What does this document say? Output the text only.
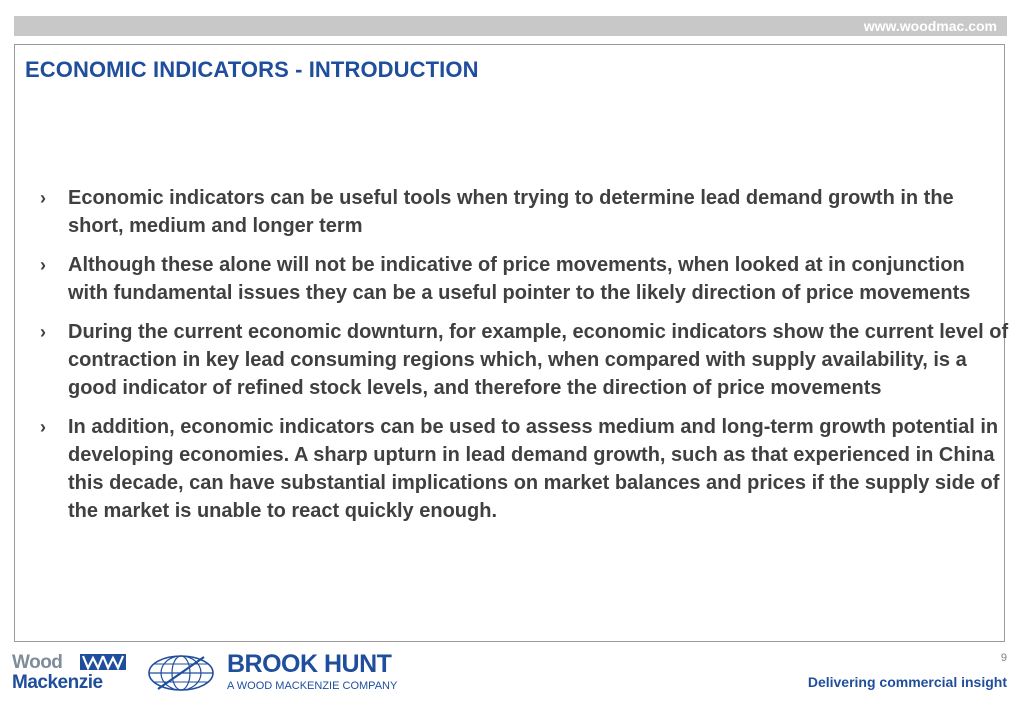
www.woodmac.com
ECONOMIC INDICATORS - INTRODUCTION
› Economic indicators can be useful tools when trying to determine lead demand growth in the short, medium and longer term
› Although these alone will not be indicative of price movements, when looked at in conjunction with fundamental issues they can be a useful pointer to the likely direction of price movements
› During the current economic downturn, for example, economic indicators show the current level of contraction in key lead consuming regions which, when compared with supply availability, is a good indicator of refined stock levels, and therefore the direction of price movements
› In addition, economic indicators can be used to assess medium and long-term growth potential in developing economies. A sharp upturn in lead demand growth, such as that experienced in China this decade, can have substantial implications on market balances and prices if the supply side of the market is unable to react quickly enough.
Wood
Mackenzie
BROOK HUNT
A WOOD MACKENZIE COMPANY
9
Delivering commercial insight
